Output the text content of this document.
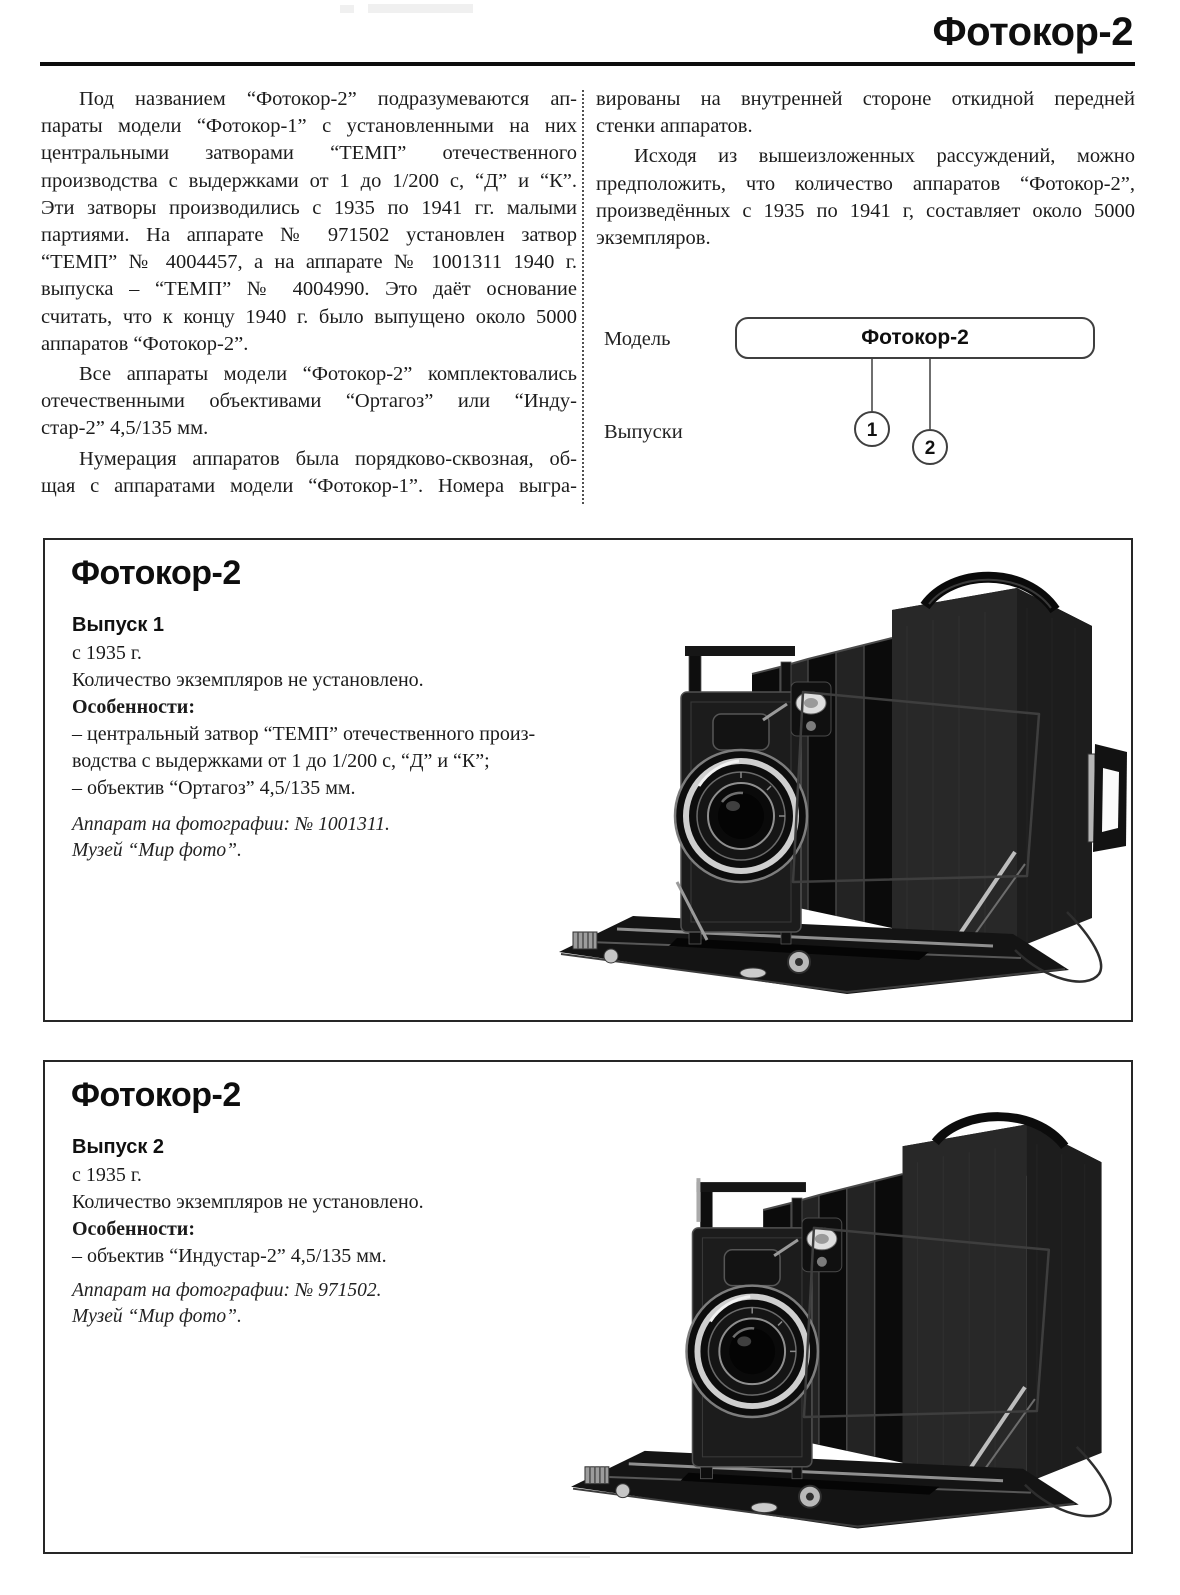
Фотокор-2
Под названием “Фотокор-2” подразумеваются ап-
параты модели “Фотокор-1” с установленными на них
центральными затворами “ТЕМП” отечественного
производства с выдержками от 1 до 1/200 с, “Д” и “К”.
Эти затворы производились с 1935 по 1941 гг. малыми
партиями. На аппарате № 971502 установлен затвор
“ТЕМП” № 4004457, а на аппарате № 1001311 1940 г.
выпуска – “ТЕМП” № 4004990. Это даёт основание
считать, что к концу 1940 г. было выпущено около 5000
аппаратов “Фотокор-2”.
Все аппараты модели “Фотокор-2” комплектовались
отечественными объективами “Ортагоз” или “Инду-
стар-2” 4,5/135 мм.
Нумерация аппаратов была порядково-сквозная, об-
щая с аппаратами модели “Фотокор-1”. Номера выгра-
вированы на внутренней стороне откидной передней
стенки аппаратов.
Исходя из вышеизложенных рассуждений, можно
предположить, что количество аппаратов “Фотокор-2”,
произведённых с 1935 по 1941 г, составляет около 5000
экземпляров.
Модель	Фотокор-2
Выпуски	1
2
Фотокор-2
Выпуск 1
с 1935 г.
Количество экземпляров не установлено.
Особенности:
– центральный затвор “ТЕМП” отечественного произ-
водства с выдержками от 1 до 1/200 с, “Д” и “К”;
– объектив “Ортагоз” 4,5/135 мм.
Аппарат на фотографии: № 1001311.
Музей “Мир фото”.
Фотокор-2
Выпуск 2
с 1935 г.
Количество экземпляров не установлено.
Особенности:
– объектив “Индустар-2” 4,5/135 мм.
Аппарат на фотографии: № 971502.
Музей “Мир фото”.
